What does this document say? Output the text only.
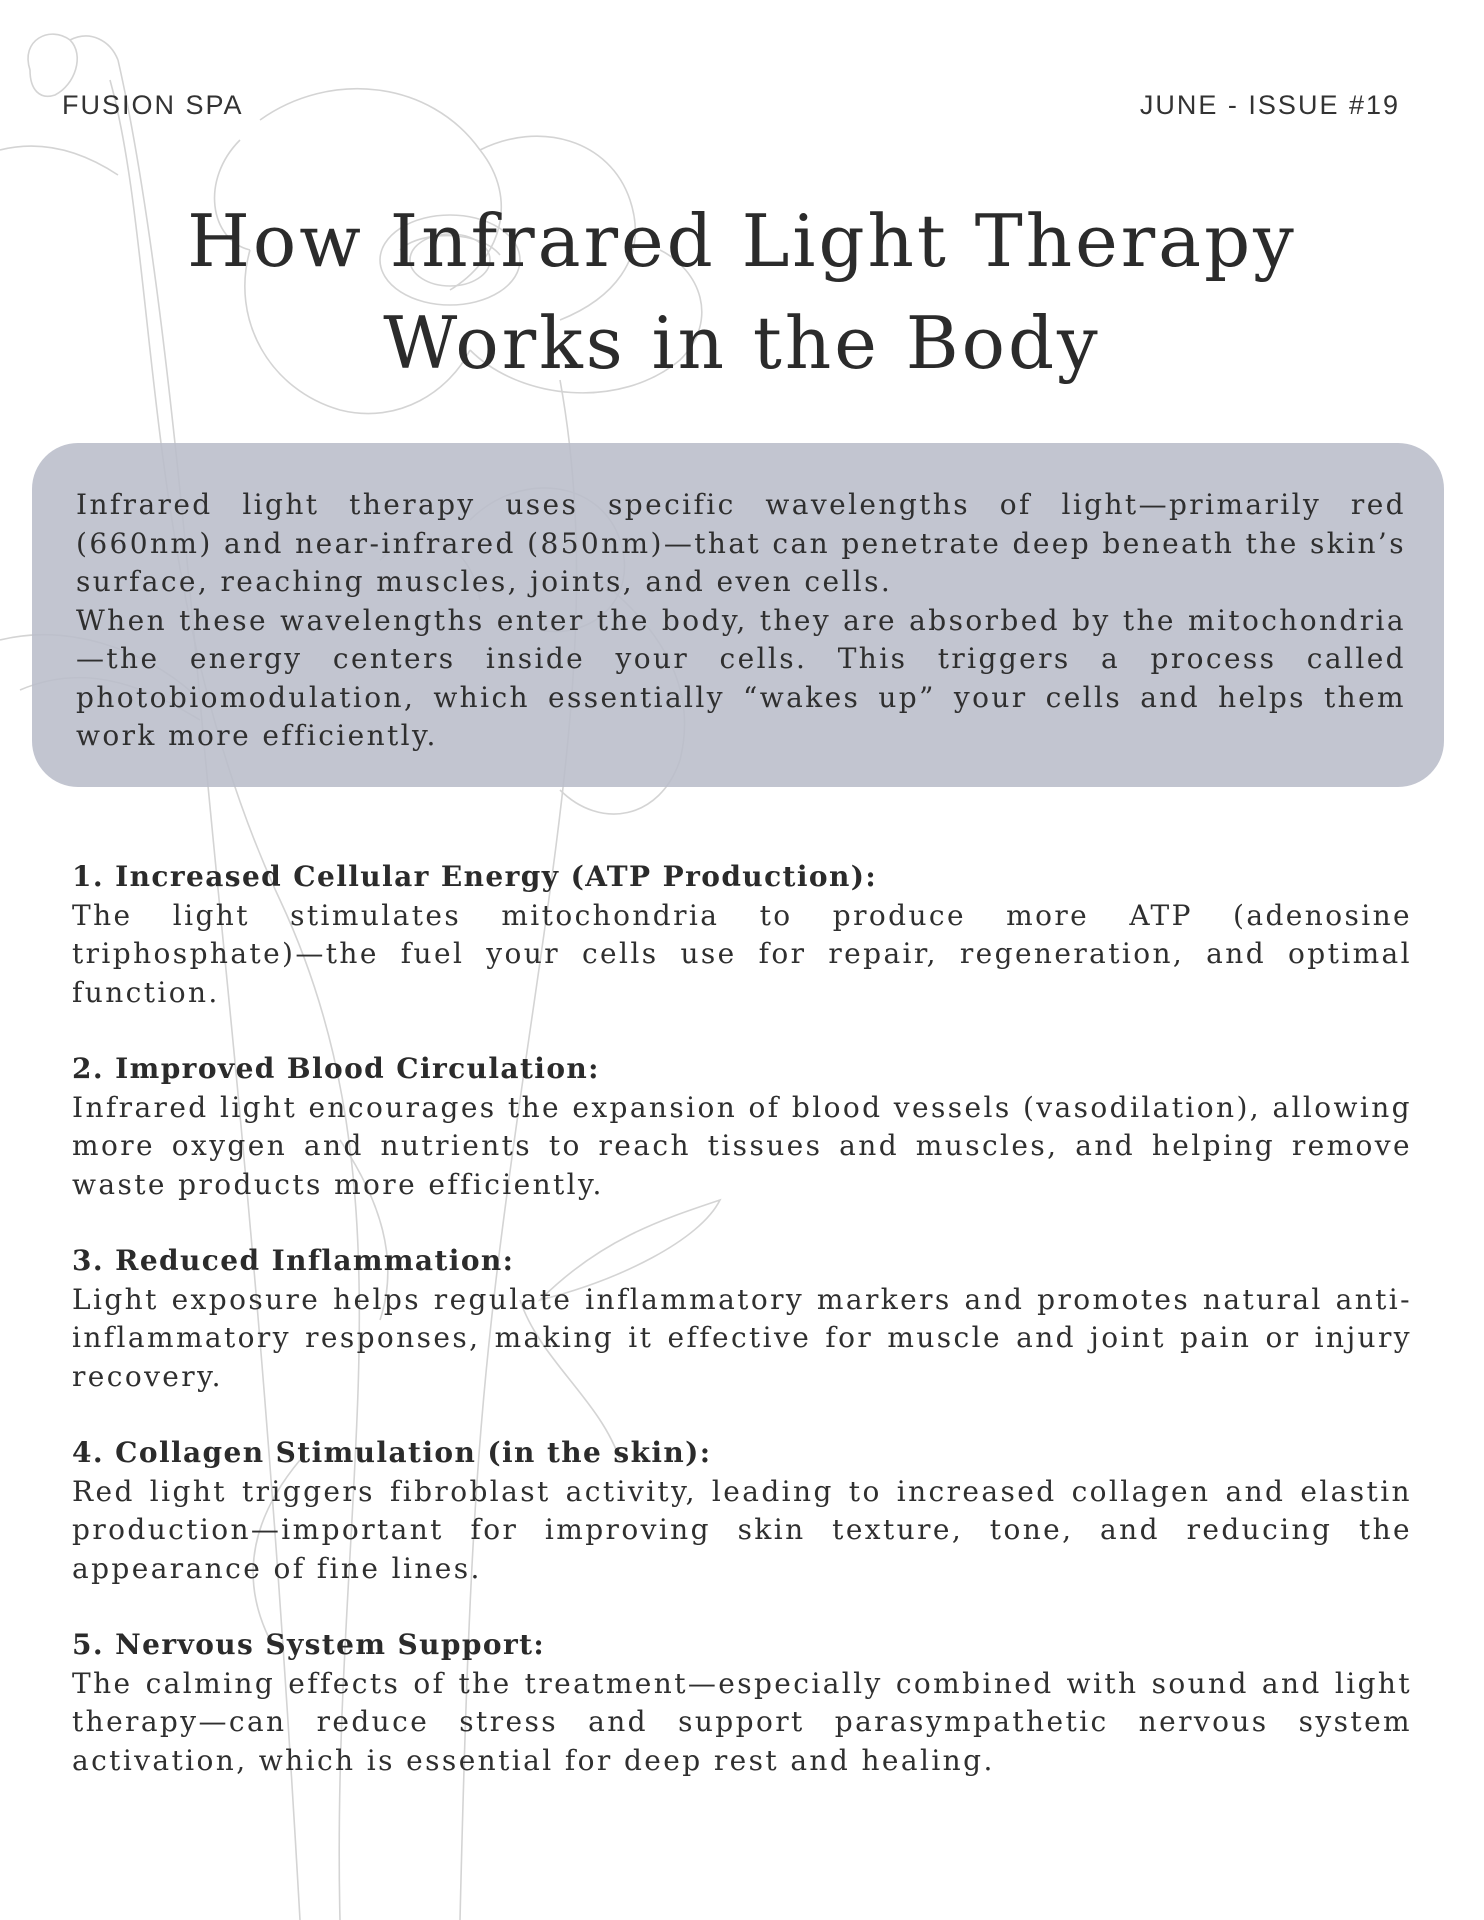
FUSION SPA	JUNE - ISSUE #19
How Infrared Light Therapy
Works in the Body

Infrared light therapy uses specific wavelengths of light—primarily red (660nm) and near-infrared (850nm)—that can penetrate deep beneath the skin’s surface, reaching muscles, joints, and even cells.

When these wavelengths enter the body, they are absorbed by the mitochondria—the energy centers inside your cells. This triggers a process called photobiomodulation, which essentially “wakes up” your cells and helps them work more efficiently.

1. Increased Cellular Energy (ATP Production):

The light stimulates mitochondria to produce more ATP (adenosine triphosphate)—the fuel your cells use for repair, regeneration, and optimal function.

2. Improved Blood Circulation:

Infrared light encourages the expansion of blood vessels (vasodilation), allowing more oxygen and nutrients to reach tissues and muscles, and helping remove waste products more efficiently.

3. Reduced Inflammation:

Light exposure helps regulate inflammatory markers and promotes natural anti-inflammatory responses, making it effective for muscle and joint pain or injury recovery.

4. Collagen Stimulation (in the skin):

Red light triggers fibroblast activity, leading to increased collagen and elastin production—important for improving skin texture, tone, and reducing the appearance of fine lines.

5. Nervous System Support:

The calming effects of the treatment—especially combined with sound and light therapy—can reduce stress and support parasympathetic nervous system activation, which is essential for deep rest and healing.
